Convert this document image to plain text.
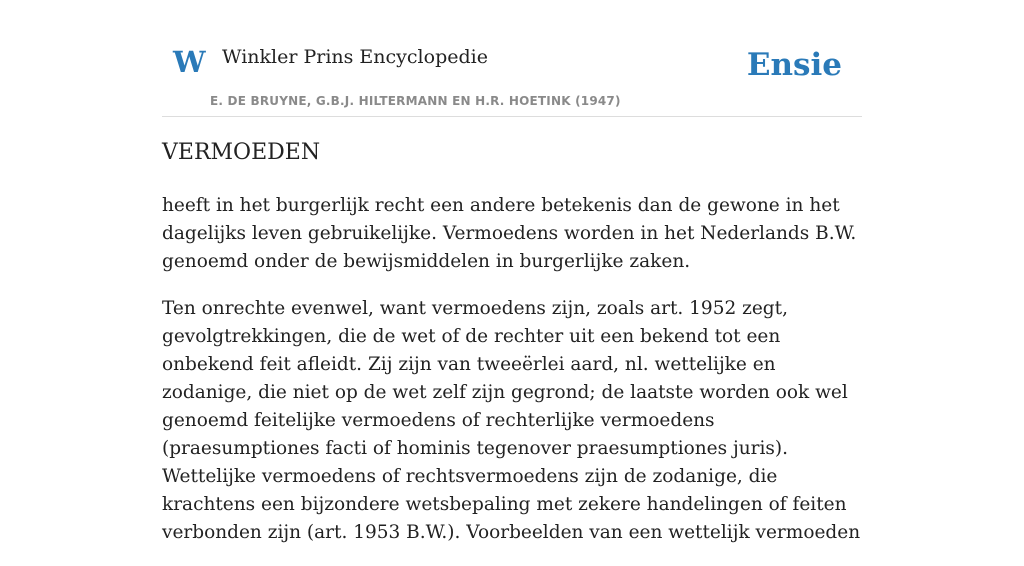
W Winkler Prins Encyclopedie
E. DE BRUYNE, G.B.J. HILTERMANN EN H.R. HOETINK (1947)
Ensie
VERMOEDEN

heeft in het burgerlijk recht een andere betekenis dan de gewone in het dagelijks leven gebruikelijke. Vermoedens worden in het Nederlands B.W. genoemd onder de bewijsmiddelen in burgerlijke zaken.

Ten onrechte evenwel, want vermoedens zijn, zoals art. 1952 zegt, gevolgtrekkingen, die de wet of de rechter uit een bekend tot een onbekend feit afleidt. Zij zijn van tweeërlei aard, nl. wettelijke en zodanige, die niet op de wet zelf zijn gegrond; de laatste worden ook wel genoemd feitelijke vermoedens of rechterlijke vermoedens (praesumptiones facti of hominis tegenover praesumptiones juris). Wettelijke vermoedens of rechtsvermoedens zijn de zodanige, die krachtens een bijzondere wetsbepaling met zekere handelingen of feiten verbonden zijn (art. 1953 B.W.). Voorbeelden van een wettelijk vermoeden
